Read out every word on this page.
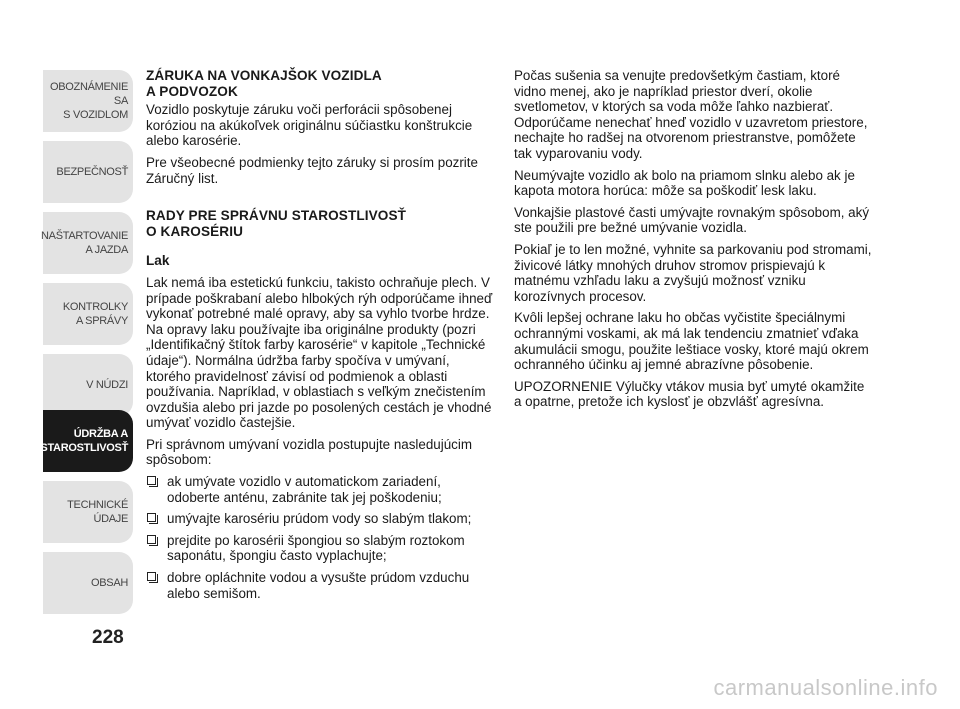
OBOZNÁMENIE SA
S VOZIDLOM
BEZPEČNOSŤ
NAŠTARTOVANIE
A JAZDA
KONTROLKY
A SPRÁVY
V NÚDZI
ÚDRŽBA A
STAROSTLIVOSŤ
TECHNICKÉ
ÚDAJE
OBSAH
228
ZÁRUKA NA VONKAJŠOK VOZIDLA
A PODVOZOK

Vozidlo poskytuje záruku voči perforácii spôsobenej koróziou na akúkoľvek originálnu súčiastku konštrukcie alebo karosérie.

Pre všeobecné podmienky tejto záruky si prosím pozrite Záručný list.

RADY PRE SPRÁVNU STAROSTLIVOSŤ
O KAROSÉRIU
Lak

Lak nemá iba estetickú funkciu, takisto ochraňuje plech. V prípade poškrabaní alebo hlbokých rýh odporúčame ihneď vykonať potrebné malé opravy, aby sa vyhlo tvorbe hrdze. Na opravy laku používajte iba originálne produkty (pozri „Identifikačný štítok farby karosérie“ v kapitole „Technické údaje“). Normálna údržba farby spočíva v umývaní, ktorého pravidelnosť závisí od podmienok a oblasti používania. Napríklad, v oblastiach s veľkým znečistením ovzdušia alebo pri jazde po posolených cestách je vhodné umývať vozidlo častejšie.

Pri správnom umývaní vozidla postupujte nasledujúcim spôsobom:

ak umývate vozidlo v automatickom zariadení, odoberte anténu, zabránite tak jej poškodeniu;
umývajte karosériu prúdom vody so slabým tlakom;
prejdite po karosérii špongiou so slabým roztokom saponátu, špongiu často vyplachujte;
dobre opláchnite vodou a vysušte prúdom vzduchu alebo semišom.

Počas sušenia sa venujte predovšetkým častiam, ktoré vidno menej, ako je napríklad priestor dverí, okolie svetlometov, v ktorých sa voda môže ľahko nazbierať. Odporúčame nenechať hneď vozidlo v uzavretom priestore, nechajte ho radšej na otvorenom priestranstve, pomôžete tak vyparovaniu vody.

Neumývajte vozidlo ak bolo na priamom slnku alebo ak je kapota motora horúca: môže sa poškodiť lesk laku.

Vonkajšie plastové časti umývajte rovnakým spôsobom, aký ste použili pre bežné umývanie vozidla.

Pokiaľ je to len možné, vyhnite sa parkovaniu pod stromami, živicové látky mnohých druhov stromov prispievajú k matnému vzhľadu laku a zvyšujú možnosť vzniku korozívnych procesov.

Kvôli lepšej ochrane laku ho občas vyčistite špeciálnymi ochrannými voskami, ak má lak tendenciu zmatnieť vďaka akumulácii smogu, použite leštiace vosky, ktoré majú okrem ochranného účinku aj jemné abrazívne pôsobenie.

UPOZORNENIE Výlučky vtákov musia byť umyté okamžite a opatrne, pretože ich kyslosť je obzvlášť agresívna.

carmanualsonline.info
